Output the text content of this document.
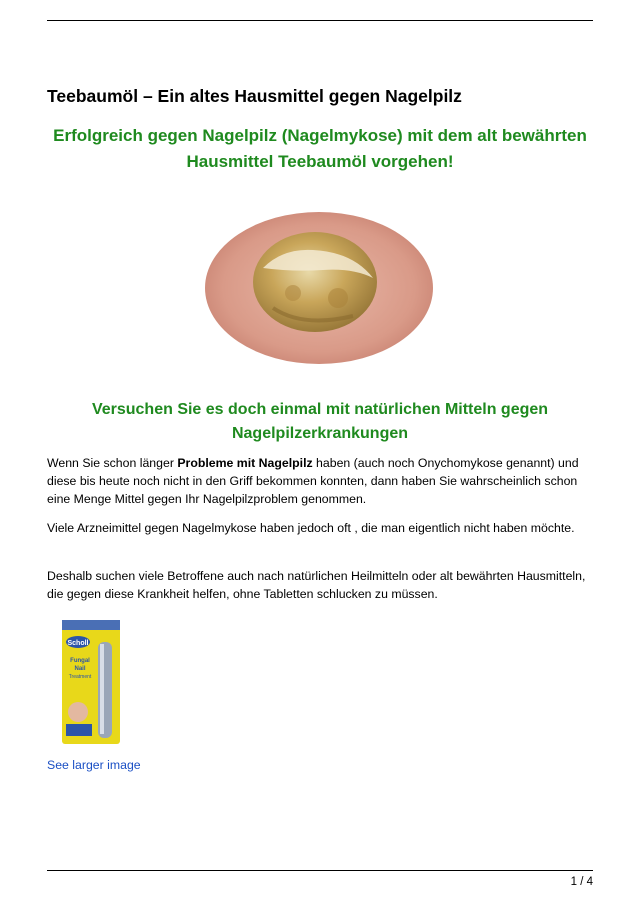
Teebaumöl – Ein altes Hausmittel gegen Nagelpilz
Erfolgreich gegen Nagelpilz (Nagelmykose) mit dem alt bewährten Hausmittel Teebaumöl vorgehen!
Versuchen Sie es doch einmal mit natürlichen Mitteln gegen Nagelpilzerkrankungen

Wenn Sie schon länger Probleme mit Nagelpilz haben (auch noch Onychomykose genannt) und diese bis heute noch nicht in den Griff bekommen konnten, dann haben Sie wahrscheinlich schon eine Menge Mittel gegen Ihr Nagelpilzproblem genommen.

Viele Arzneimittel gegen Nagelmykose haben jedoch oft , die man eigentlich nicht haben möchte.

Deshalb suchen viele Betroffene auch nach natürlichen Heilmitteln oder alt bewährten Hausmitteln, die gegen diese Krankheit helfen, ohne Tabletten schlucken zu müssen.

Scholl
Fungal
Nail
Treatment
See larger image
1 / 4
